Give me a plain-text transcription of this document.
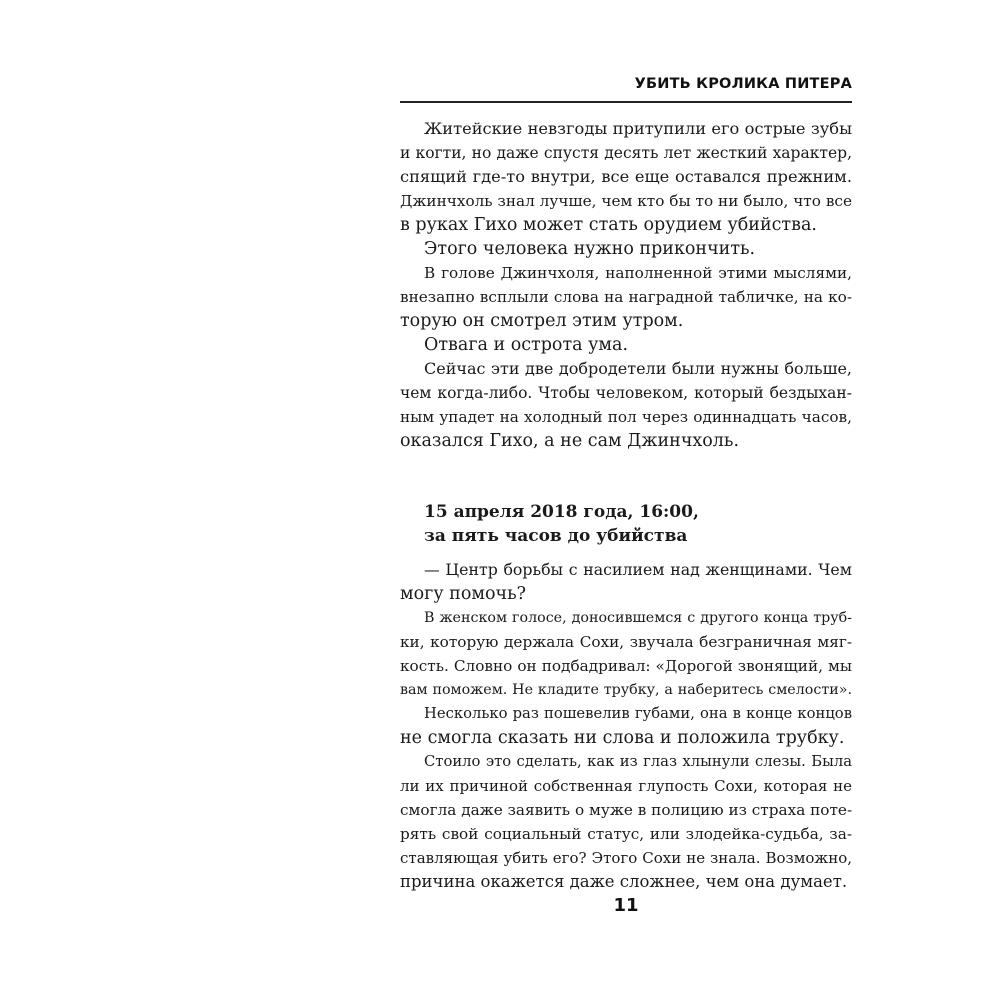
УБИТЬ КРОЛИКА ПИТЕРА
Житейские невзгоды притупили его острые зубы
и когти, но даже спустя десять лет жесткий характер,
спящий где-то внутри, все еще оставался прежним.
Джинчхоль знал лучше, чем кто бы то ни было, что все
в руках Гихо может стать орудием убийства.
Этого человека нужно прикончить.
В голове Джинчхоля, наполненной этими мыслями,
внезапно всплыли слова на наградной табличке, на ко-
торую он смотрел этим утром.
Отвага и острота ума.
Сейчас эти две добродетели были нужны больше,
чем когда-либо. Чтобы человеком, который бездыхан-
ным упадет на холодный пол через одиннадцать часов,
оказался Гихо, а не сам Джинчхоль.
15 апреля 2018 года, 16:00,
за пять часов до убийства
— Центр борьбы с насилием над женщинами. Чем
могу помочь?
В женском голосе, доносившемся с другого конца труб-
ки, которую держала Сохи, звучала безграничная мяг-
кость. Словно он подбадривал: «Дорогой звонящий, мы
вам поможем. Не кладите трубку, а наберитесь смелости».
Несколько раз пошевелив губами, она в конце концов
не смогла сказать ни слова и положила трубку.
Стоило это сделать, как из глаз хлынули слезы. Была
ли их причиной собственная глупость Сохи, которая не
смогла даже заявить о муже в полицию из страха поте-
рять свой социальный статус, или злодейка-судьба, за-
ставляющая убить его? Этого Сохи не знала. Возможно,
причина окажется даже сложнее, чем она думает.
11
